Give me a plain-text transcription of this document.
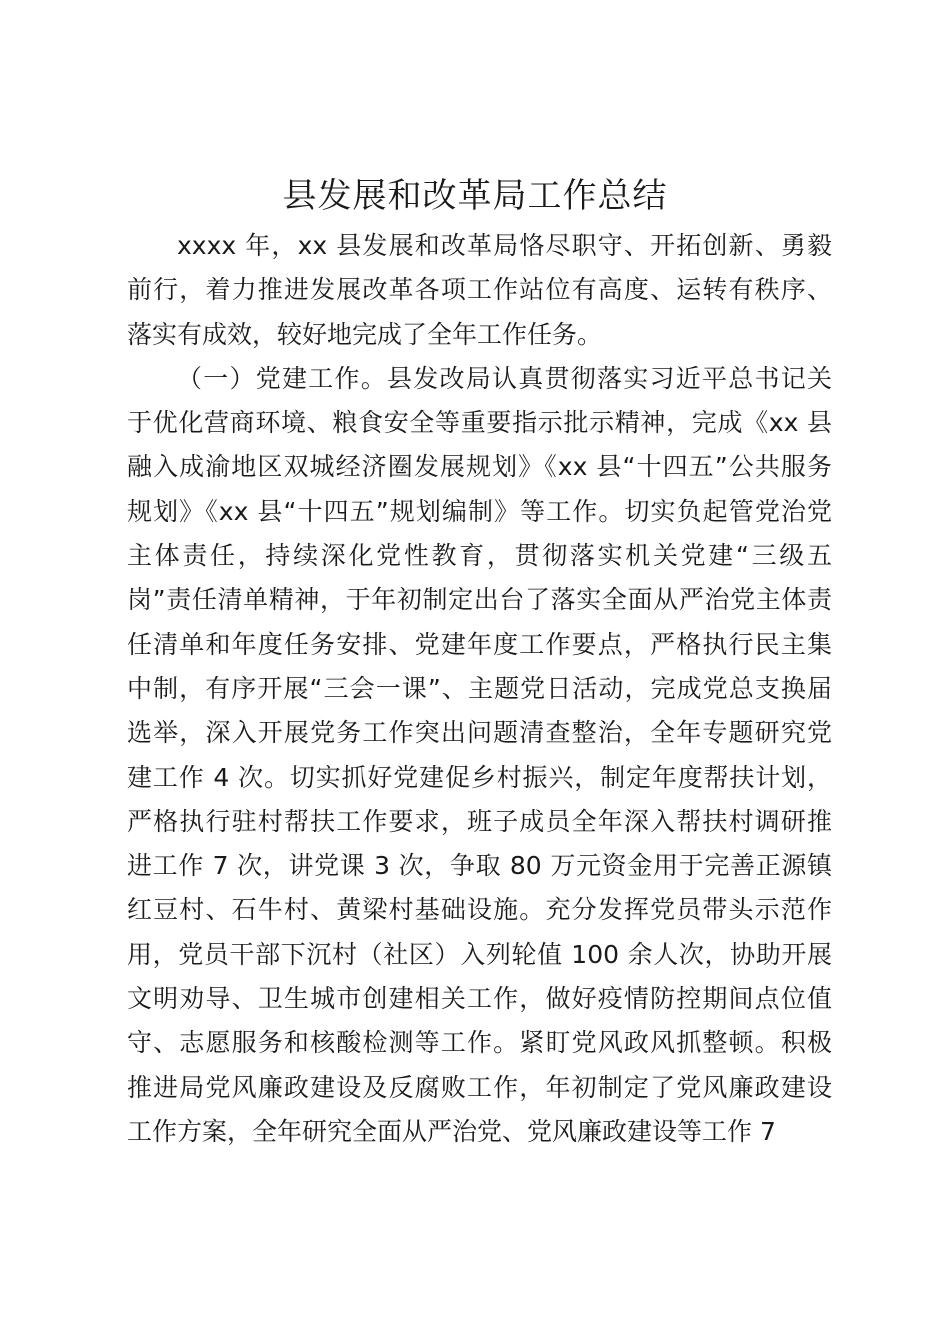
县发展和改革局工作总结

xxxx 年，xx 县发展和改革局恪尽职守、开拓创新、勇毅
前行，着力推进发展改革各项工作站位有高度、运转有秩序、
落实有成效，较好地完成了全年工作任务。

（一）党建工作。县发改局认真贯彻落实习近平总书记关
于优化营商环境、粮食安全等重要指示批示精神，完成《xx 县
融入成渝地区双城经济圈发展规划》《xx 县“十四五”公共服务
规划》《xx 县“十四五”规划编制》等工作。切实负起管党治党
主体责任，持续深化党性教育，贯彻落实机关党建“三级五
岗”责任清单精神，于年初制定出台了落实全面从严治党主体责
任清单和年度任务安排、党建年度工作要点，严格执行民主集
中制，有序开展“三会一课”、主题党日活动，完成党总支换届
选举，深入开展党务工作突出问题清查整治，全年专题研究党
建工作 4 次。切实抓好党建促乡村振兴，制定年度帮扶计划，
严格执行驻村帮扶工作要求，班子成员全年深入帮扶村调研推
进工作 7 次，讲党课 3 次，争取 80 万元资金用于完善正源镇
红豆村、石牛村、黄梁村基础设施。充分发挥党员带头示范作
用，党员干部下沉村（社区）入列轮值 100 余人次，协助开展
文明劝导、卫生城市创建相关工作，做好疫情防控期间点位值
守、志愿服务和核酸检测等工作。紧盯党风政风抓整顿。积极
推进局党风廉政建设及反腐败工作，年初制定了党风廉政建设
工作方案，全年研究全面从严治党、党风廉政建设等工作 7
